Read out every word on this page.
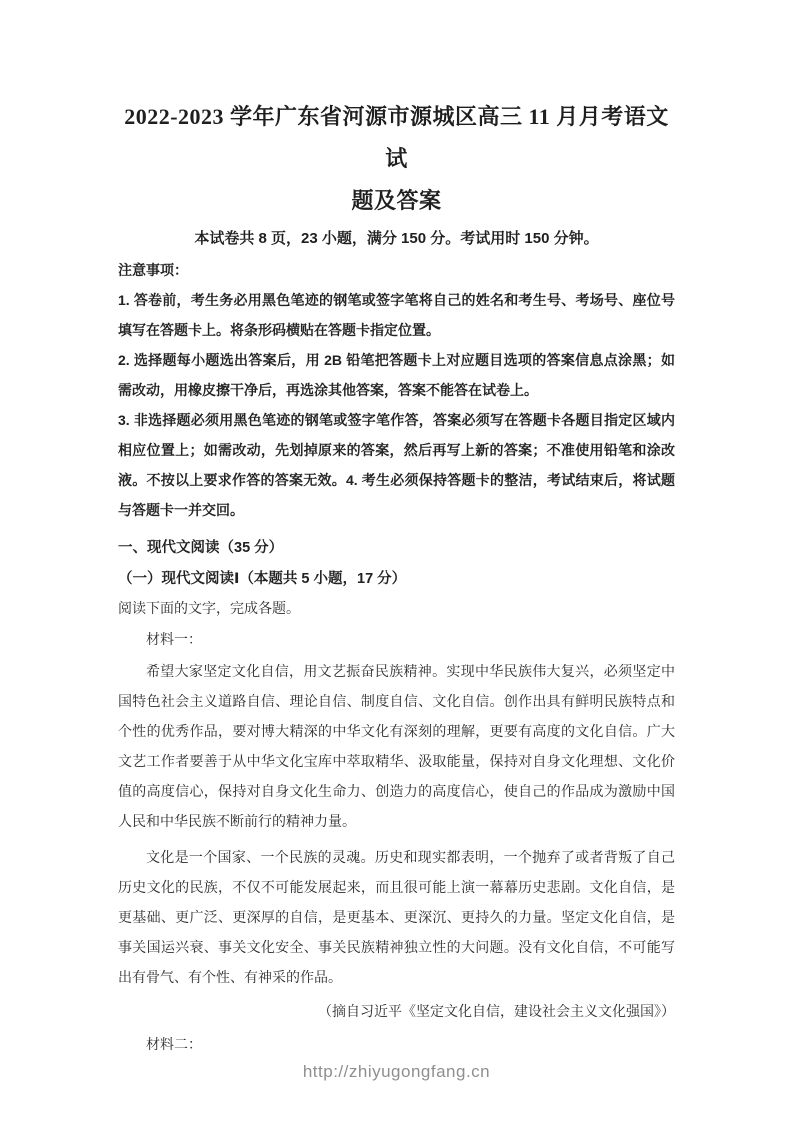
2022-2023 学年广东省河源市源城区高三 11 月月考语文试
题及答案
本试卷共 8 页，23 小题，满分 150 分。考试用时 150 分钟。

注意事项：

1. 答卷前，考生务必用黑色笔迹的钢笔或签字笔将自己的姓名和考生号、考场号、座位号填写在答题卡上。将条形码横贴在答题卡指定位置。

2. 选择题每小题选出答案后，用 2B 铅笔把答题卡上对应题目选项的答案信息点涂黑；如需改动，用橡皮擦干净后，再选涂其他答案，答案不能答在试卷上。

3. 非选择题必须用黑色笔迹的钢笔或签字笔作答，答案必须写在答题卡各题目指定区域内相应位置上；如需改动，先划掉原来的答案，然后再写上新的答案；不准使用铅笔和涂改液。不按以上要求作答的答案无效。4. 考生必须保持答题卡的整洁，考试结束后，将试题与答题卡一并交回。

一、现代文阅读（35 分）
（一）现代文阅读Ⅰ（本题共 5 小题，17 分）
阅读下面的文字，完成各题。
材料一：
希望大家坚定文化自信，用文艺振奋民族精神。实现中华民族伟大复兴，必须坚定中国特色社会主义道路自信、理论自信、制度自信、文化自信。创作出具有鲜明民族特点和个性的优秀作品，要对博大精深的中华文化有深刻的理解，更要有高度的文化自信。广大文艺工作者要善于从中华文化宝库中萃取精华、汲取能量，保持对自身文化理想、文化价值的高度信心，保持对自身文化生命力、创造力的高度信心，使自己的作品成为激励中国人民和中华民族不断前行的精神力量。
文化是一个国家、一个民族的灵魂。历史和现实都表明，一个抛弃了或者背叛了自己历史文化的民族，不仅不可能发展起来，而且很可能上演一幕幕历史悲剧。文化自信，是更基础、更广泛、更深厚的自信，是更基本、更深沉、更持久的力量。坚定文化自信，是事关国运兴衰、事关文化安全、事关民族精神独立性的大问题。没有文化自信，不可能写出有骨气、有个性、有神采的作品。
（摘自习近平《坚定文化自信，建设社会主义文化强国》）
材料二：
http://zhiyugongfang.cn
